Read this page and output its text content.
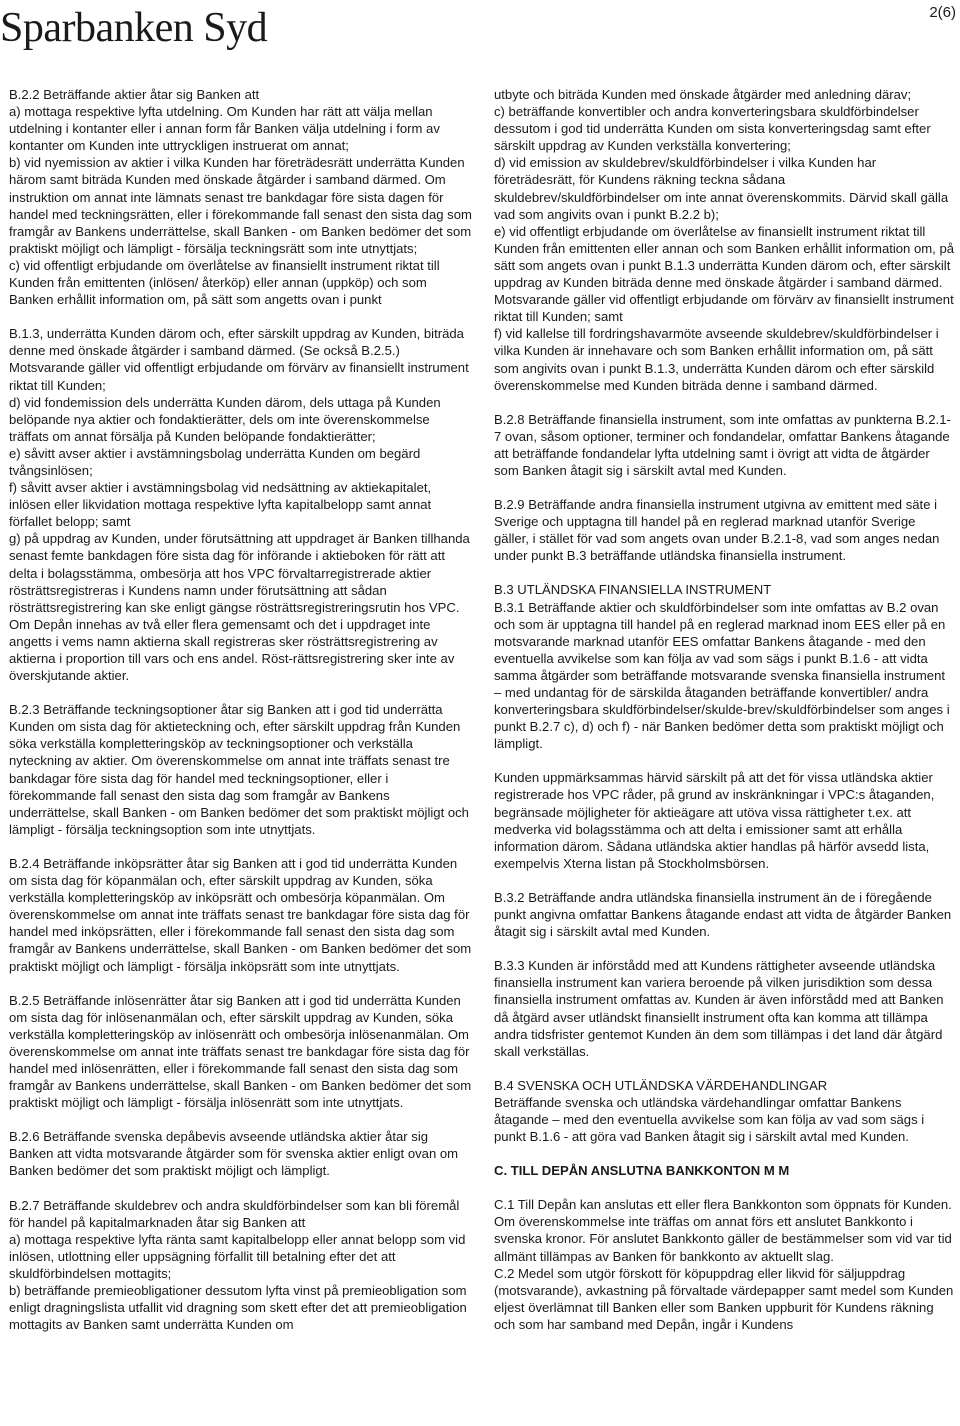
Sparbanken Syd	2(6)

B.2.2 Beträffande aktier åtar sig Banken att
a) mottaga respektive lyfta utdelning. Om Kunden har rätt att välja mellan utdelning i kontanter eller i annan form får Banken välja utdelning i form av kontanter om Kunden inte uttryckligen instruerat om annat;
b) vid nyemission av aktier i vilka Kunden har företrädesrätt underrätta Kunden härom samt biträda Kunden med önskade åtgärder i samband därmed. Om instruktion om annat inte lämnats senast tre bankdagar före sista dagen för handel med teckningsrätten, eller i förekommande fall senast den sista dag som framgår av Bankens underrättelse, skall Banken - om Banken bedömer det som praktiskt möjligt och lämpligt - försälja teckningsrätt som inte utnyttjats;
c) vid offentligt erbjudande om överlåtelse av finansiellt instrument riktat till Kunden från emittenten (inlösen/ återköp) eller annan (uppköp) och som Banken erhållit information om, på sätt som angetts ovan i punkt

B.1.3, underrätta Kunden därom och, efter särskilt uppdrag av Kunden, biträda denne med önskade åtgärder i samband därmed. (Se också B.2.5.) Motsvarande gäller vid offentligt erbjudande om förvärv av finansiellt instrument riktat till Kunden;
d) vid fondemission dels underrätta Kunden därom, dels uttaga på Kunden belöpande nya aktier och fondaktierätter, dels om inte överenskommelse träffats om annat försälja på Kunden belöpande fondaktierätter;
e) såvitt avser aktier i avstämningsbolag underrätta Kunden om begärd tvångsinlösen;
f) såvitt avser aktier i avstämningsbolag vid nedsättning av aktiekapitalet, inlösen eller likvidation mottaga respektive lyfta kapitalbelopp samt annat förfallet belopp; samt
g) på uppdrag av Kunden, under förutsättning att uppdraget är Banken tillhanda senast femte bankdagen före sista dag för införande i aktieboken för rätt att delta i bolagsstämma, ombesörja att hos VPC förvaltarregistrerade aktier rösträttsregistreras i Kundens namn under förutsättning att sådan rösträttsregistrering kan ske enligt gängse rösträttsregistreringsrutin hos VPC. Om Depån innehas av två eller flera gemensamt och det i uppdraget inte angetts i vems namn aktierna skall registreras sker rösträttsregistrering av aktierna i proportion till vars och ens andel. Röst-rättsregistrering sker inte av överskjutande aktier.

B.2.3 Beträffande teckningsoptioner åtar sig Banken att i god tid underrätta Kunden om sista dag för aktieteckning och, efter särskilt uppdrag från Kunden söka verkställa kompletteringsköp av teckningsoptioner och verkställa nyteckning av aktier. Om överenskommelse om annat inte träffats senast tre bankdagar före sista dag för handel med teckningsoptioner, eller i förekommande fall senast den sista dag som framgår av Bankens underrättelse, skall Banken - om Banken bedömer det som praktiskt möjligt och lämpligt - försälja teckningsoption som inte utnyttjats.

B.2.4 Beträffande inköpsrätter åtar sig Banken att i god tid underrätta Kunden om sista dag för köpanmälan och, efter särskilt uppdrag av Kunden, söka verkställa kompletteringsköp av inköpsrätt och ombesörja köpanmälan. Om överenskommelse om annat inte träffats senast tre bankdagar före sista dag för handel med inköpsrätten, eller i förekommande fall senast den sista dag som framgår av Bankens underrättelse, skall Banken - om Banken bedömer det som praktiskt möjligt och lämpligt - försälja inköpsrätt som inte utnyttjats.

B.2.5 Beträffande inlösenrätter åtar sig Banken att i god tid underrätta Kunden om sista dag för inlösenanmälan och, efter särskilt uppdrag av Kunden, söka verkställa kompletteringsköp av inlösenrätt och ombesörja inlösenanmälan. Om överenskommelse om annat inte träffats senast tre bankdagar före sista dag för handel med inlösenrätten, eller i förekommande fall senast den sista dag som framgår av Bankens underrättelse, skall Banken - om Banken bedömer det som praktiskt möjligt och lämpligt - försälja inlösenrätt som inte utnyttjats.

B.2.6 Beträffande svenska depåbevis avseende utländska aktier åtar sig Banken att vidta motsvarande åtgärder som för svenska aktier enligt ovan om Banken bedömer det som praktiskt möjligt och lämpligt.

B.2.7 Beträffande skuldebrev och andra skuldförbindelser som kan bli föremål för handel på kapitalmarknaden åtar sig Banken att
a) mottaga respektive lyfta ränta samt kapitalbelopp eller annat belopp som vid inlösen, utlottning eller uppsägning förfallit till betalning efter det att skuldförbindelsen mottagits;
b) beträffande premieobligationer dessutom lyfta vinst på premieobligation som enligt dragningslista utfallit vid dragning som skett efter det att premieobligation mottagits av Banken samt underrätta Kunden om

utbyte och biträda Kunden med önskade åtgärder med anledning därav;
c) beträffande konvertibler och andra konverteringsbara skuldförbindelser dessutom i god tid underrätta Kunden om sista konverteringsdag samt efter särskilt uppdrag av Kunden verkställa konvertering;
d) vid emission av skuldebrev/skuldförbindelser i vilka Kunden har företrädesrätt, för Kundens räkning teckna sådana skuldebrev/skuldförbindelser om inte annat överenskommits. Därvid skall gälla vad som angivits ovan i punkt B.2.2 b);
e) vid offentligt erbjudande om överlåtelse av finansiellt instrument riktat till Kunden från emittenten eller annan och som Banken erhållit information om, på sätt som angets ovan i punkt B.1.3 underrätta Kunden därom och, efter särskilt uppdrag av Kunden biträda denne med önskade åtgärder i samband därmed. Motsvarande gäller vid offentligt erbjudande om förvärv av finansiellt instrument riktat till Kunden; samt
f) vid kallelse till fordringshavarmöte avseende skuldebrev/skuldförbindelser i vilka Kunden är innehavare och som Banken erhållit information om, på sätt som angivits ovan i punkt B.1.3, underrätta Kunden därom och efter särskild överenskommelse med Kunden biträda denne i samband därmed.

B.2.8 Beträffande finansiella instrument, som inte omfattas av punkterna B.2.1-7 ovan, såsom optioner, terminer och fondandelar, omfattar Bankens åtagande att beträffande fondandelar lyfta utdelning samt i övrigt att vidta de åtgärder som Banken åtagit sig i särskilt avtal med Kunden.

B.2.9 Beträffande andra finansiella instrument utgivna av emittent med säte i Sverige och upptagna till handel på en reglerad marknad utanför Sverige gäller, i stället för vad som angets ovan under B.2.1-8, vad som anges nedan under punkt B.3 beträffande utländska finansiella instrument.

B.3 UTLÄNDSKA FINANSIELLA INSTRUMENT
B.3.1 Beträffande aktier och skuldförbindelser som inte omfattas av B.2 ovan och som är upptagna till handel på en reglerad marknad inom EES eller på en motsvarande marknad utanför EES omfattar Bankens åtagande - med den eventuella avvikelse som kan följa av vad som sägs i punkt B.1.6 - att vidta samma åtgärder som beträffande motsvarande svenska finansiella instrument – med undantag för de särskilda åtaganden beträffande konvertibler/ andra konverteringsbara skuldförbindelser/skulde-brev/skuldförbindelser som anges i punkt B.2.7 c), d) och f) - när Banken bedömer detta som praktiskt möjligt och lämpligt.

Kunden uppmärksammas härvid särskilt på att det för vissa utländska aktier registrerade hos VPC råder, på grund av inskränkningar i VPC:s åtaganden, begränsade möjligheter för aktieägare att utöva vissa rättigheter t.ex. att medverka vid bolagsstämma och att delta i emissioner samt att erhålla information därom. Sådana utländska aktier handlas på härför avsedd lista, exempelvis Xterna listan på Stockholmsbörsen.

B.3.2 Beträffande andra utländska finansiella instrument än de i föregående punkt angivna omfattar Bankens åtagande endast att vidta de åtgärder Banken åtagit sig i särskilt avtal med Kunden.

B.3.3 Kunden är införstådd med att Kundens rättigheter avseende utländska finansiella instrument kan variera beroende på vilken jurisdiktion som dessa finansiella instrument omfattas av. Kunden är även införstådd med att Banken då åtgärd avser utländskt finansiellt instrument ofta kan komma att tillämpa andra tidsfrister gentemot Kunden än dem som tillämpas i det land där åtgärd skall verkställas.

B.4 SVENSKA OCH UTLÄNDSKA VÄRDEHANDLINGAR
Beträffande svenska och utländska värdehandlingar omfattar Bankens åtagande – med den eventuella avvikelse som kan följa av vad som sägs i punkt B.1.6 - att göra vad Banken åtagit sig i särskilt avtal med Kunden.

C. TILL DEPÅN ANSLUTNA BANKKONTON M M

C.1 Till Depån kan anslutas ett eller flera Bankkonton som öppnats för Kunden. Om överenskommelse inte träffas om annat förs ett anslutet Bankkonto i svenska kronor. För anslutet Bankkonto gäller de bestämmelser som vid var tid allmänt tillämpas av Banken för bankkonto av aktuellt slag.

C.2 Medel som utgör förskott för köpuppdrag eller likvid för säljuppdrag (motsvarande), avkastning på förvaltade värdepapper samt medel som Kunden eljest överlämnat till Banken eller som Banken uppburit för Kundens räkning och som har samband med Depån, ingår i Kundens
